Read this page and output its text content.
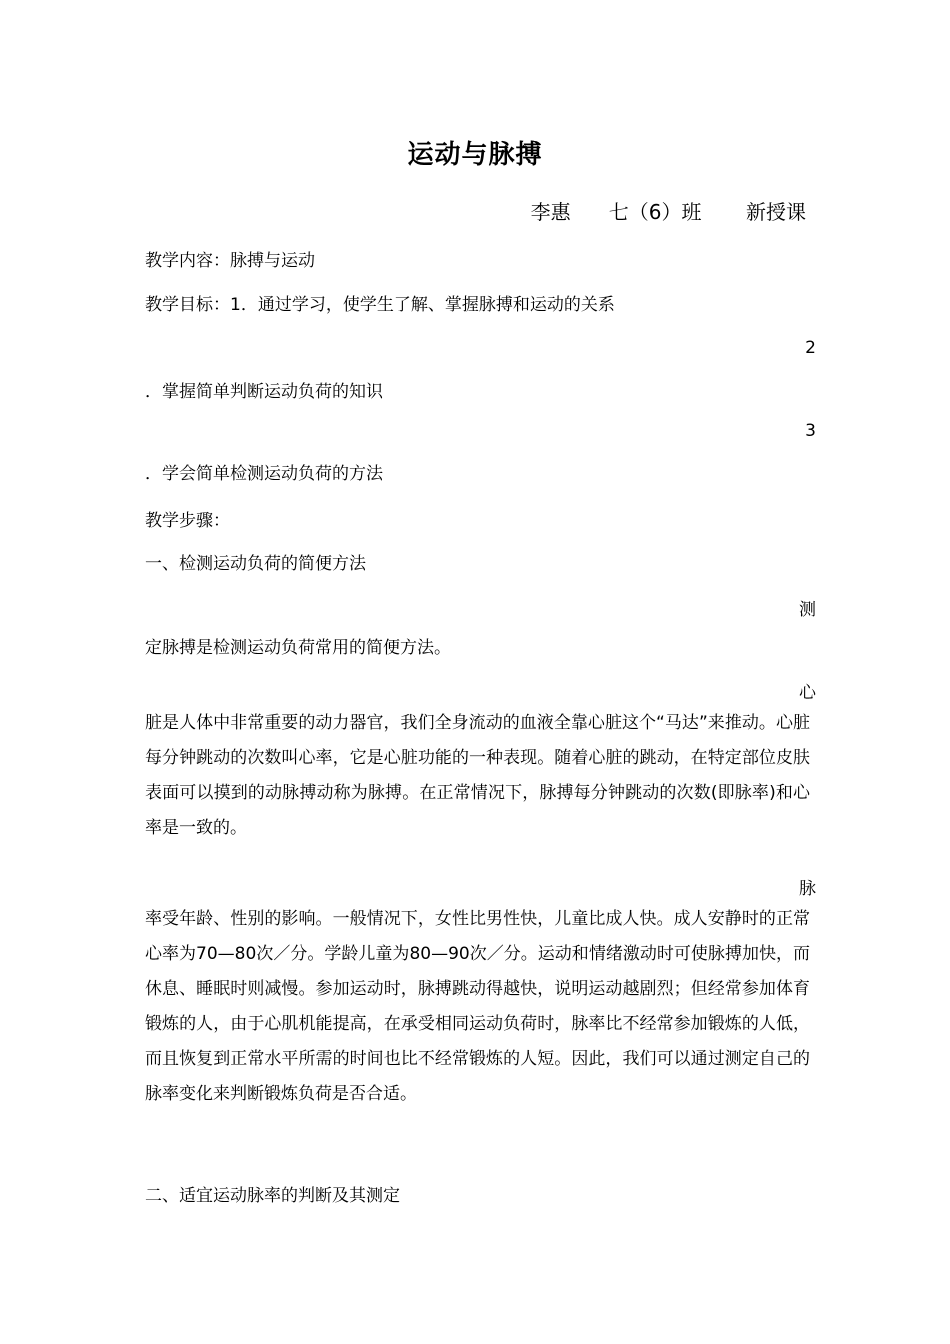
运动与脉搏
李惠 七（6）班 新授课
教学内容：脉搏与运动
教学目标：1．通过学习，使学生了解、掌握脉搏和运动的关系
2
．掌握简单判断运动负荷的知识
3
．学会简单检测运动负荷的方法
教学步骤：
一、检测运动负荷的简便方法
测
定脉搏是检测运动负荷常用的简便方法。
心
脏是人体中非常重要的动力器官，我们全身流动的血液全靠心脏这个“马达”来推动。心脏每分钟跳动的次数叫心率，它是心脏功能的一种表现。随着心脏的跳动，在特定部位皮肤表面可以摸到的动脉搏动称为脉搏。在正常情况下，脉搏每分钟跳动的次数(即脉率)和心率是一致的。
脉
率受年龄、性别的影响。一般情况下，女性比男性快，儿童比成人快。成人安静时的正常心率为70—80次／分。学龄儿童为80—90次／分。运动和情绪激动时可使脉搏加快，而休息、睡眠时则减慢。参加运动时，脉搏跳动得越快，说明运动越剧烈；但经常参加体育锻炼的人，由于心肌机能提高，在承受相同运动负荷时，脉率比不经常参加锻炼的人低，而且恢复到正常水平所需的时间也比不经常锻炼的人短。因此，我们可以通过测定自己的脉率变化来判断锻炼负荷是否合适。
二、适宜运动脉率的判断及其测定
